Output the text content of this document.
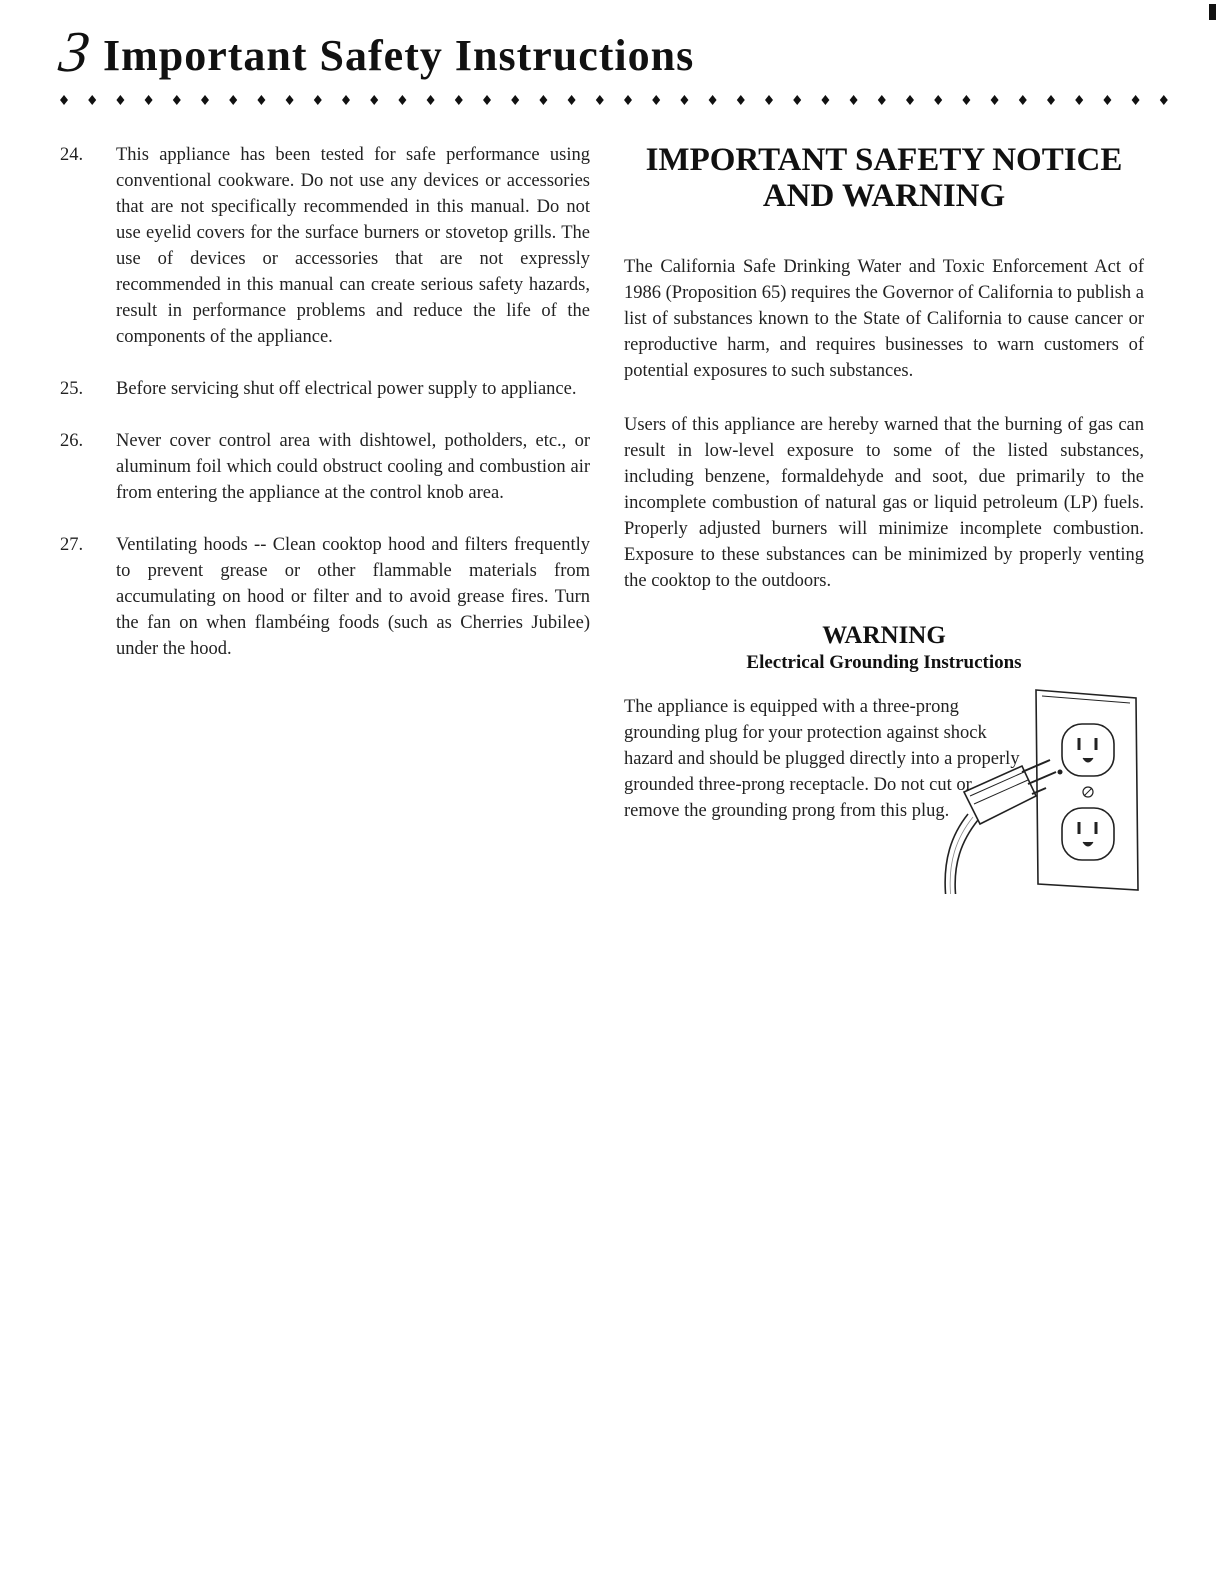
3 Important Safety Instructions
24.	This appliance has been tested for safe performance using conventional cookware. Do not use any devices or accessories that are not specifically recommended in this manual. Do not use eyelid covers for the surface burners or stovetop grills. The use of devices or accessories that are not expressly recommended in this manual can create serious safety hazards, result in performance problems and reduce the life of the components of the appliance.
25.	Before servicing shut off electrical power supply to appliance.
26.	Never cover control area with dishtowel, potholders, etc., or aluminum foil which could obstruct cooling and combustion air from entering the appliance at the control knob area.
27.	Ventilating hoods -- Clean cooktop hood and filters frequently to prevent grease or other flammable materials from accumulating on hood or filter and to avoid grease fires. Turn the fan on when flambéing foods (such as Cherries Jubilee) under the hood.
IMPORTANT SAFETY NOTICE
AND WARNING

The California Safe Drinking Water and Toxic Enforcement Act of 1986 (Proposition 65) requires the Governor of California to publish a list of substances known to the State of California to cause cancer or reproductive harm, and requires businesses to warn customers of potential exposures to such substances.

Users of this appliance are hereby warned that the burning of gas can result in low-level exposure to some of the listed substances, including benzene, formaldehyde and soot, due primarily to the incomplete combustion of natural gas or liquid petroleum (LP) fuels. Properly adjusted burners will minimize incomplete combustion. Exposure to these substances can be minimized by properly venting the cooktop to the outdoors.

WARNING
Electrical Grounding Instructions
The appliance is equipped with a three-prong grounding plug for your protection against shock hazard and should be plugged directly into a properly grounded three-prong receptacle. Do not cut or remove the grounding prong from this plug.
